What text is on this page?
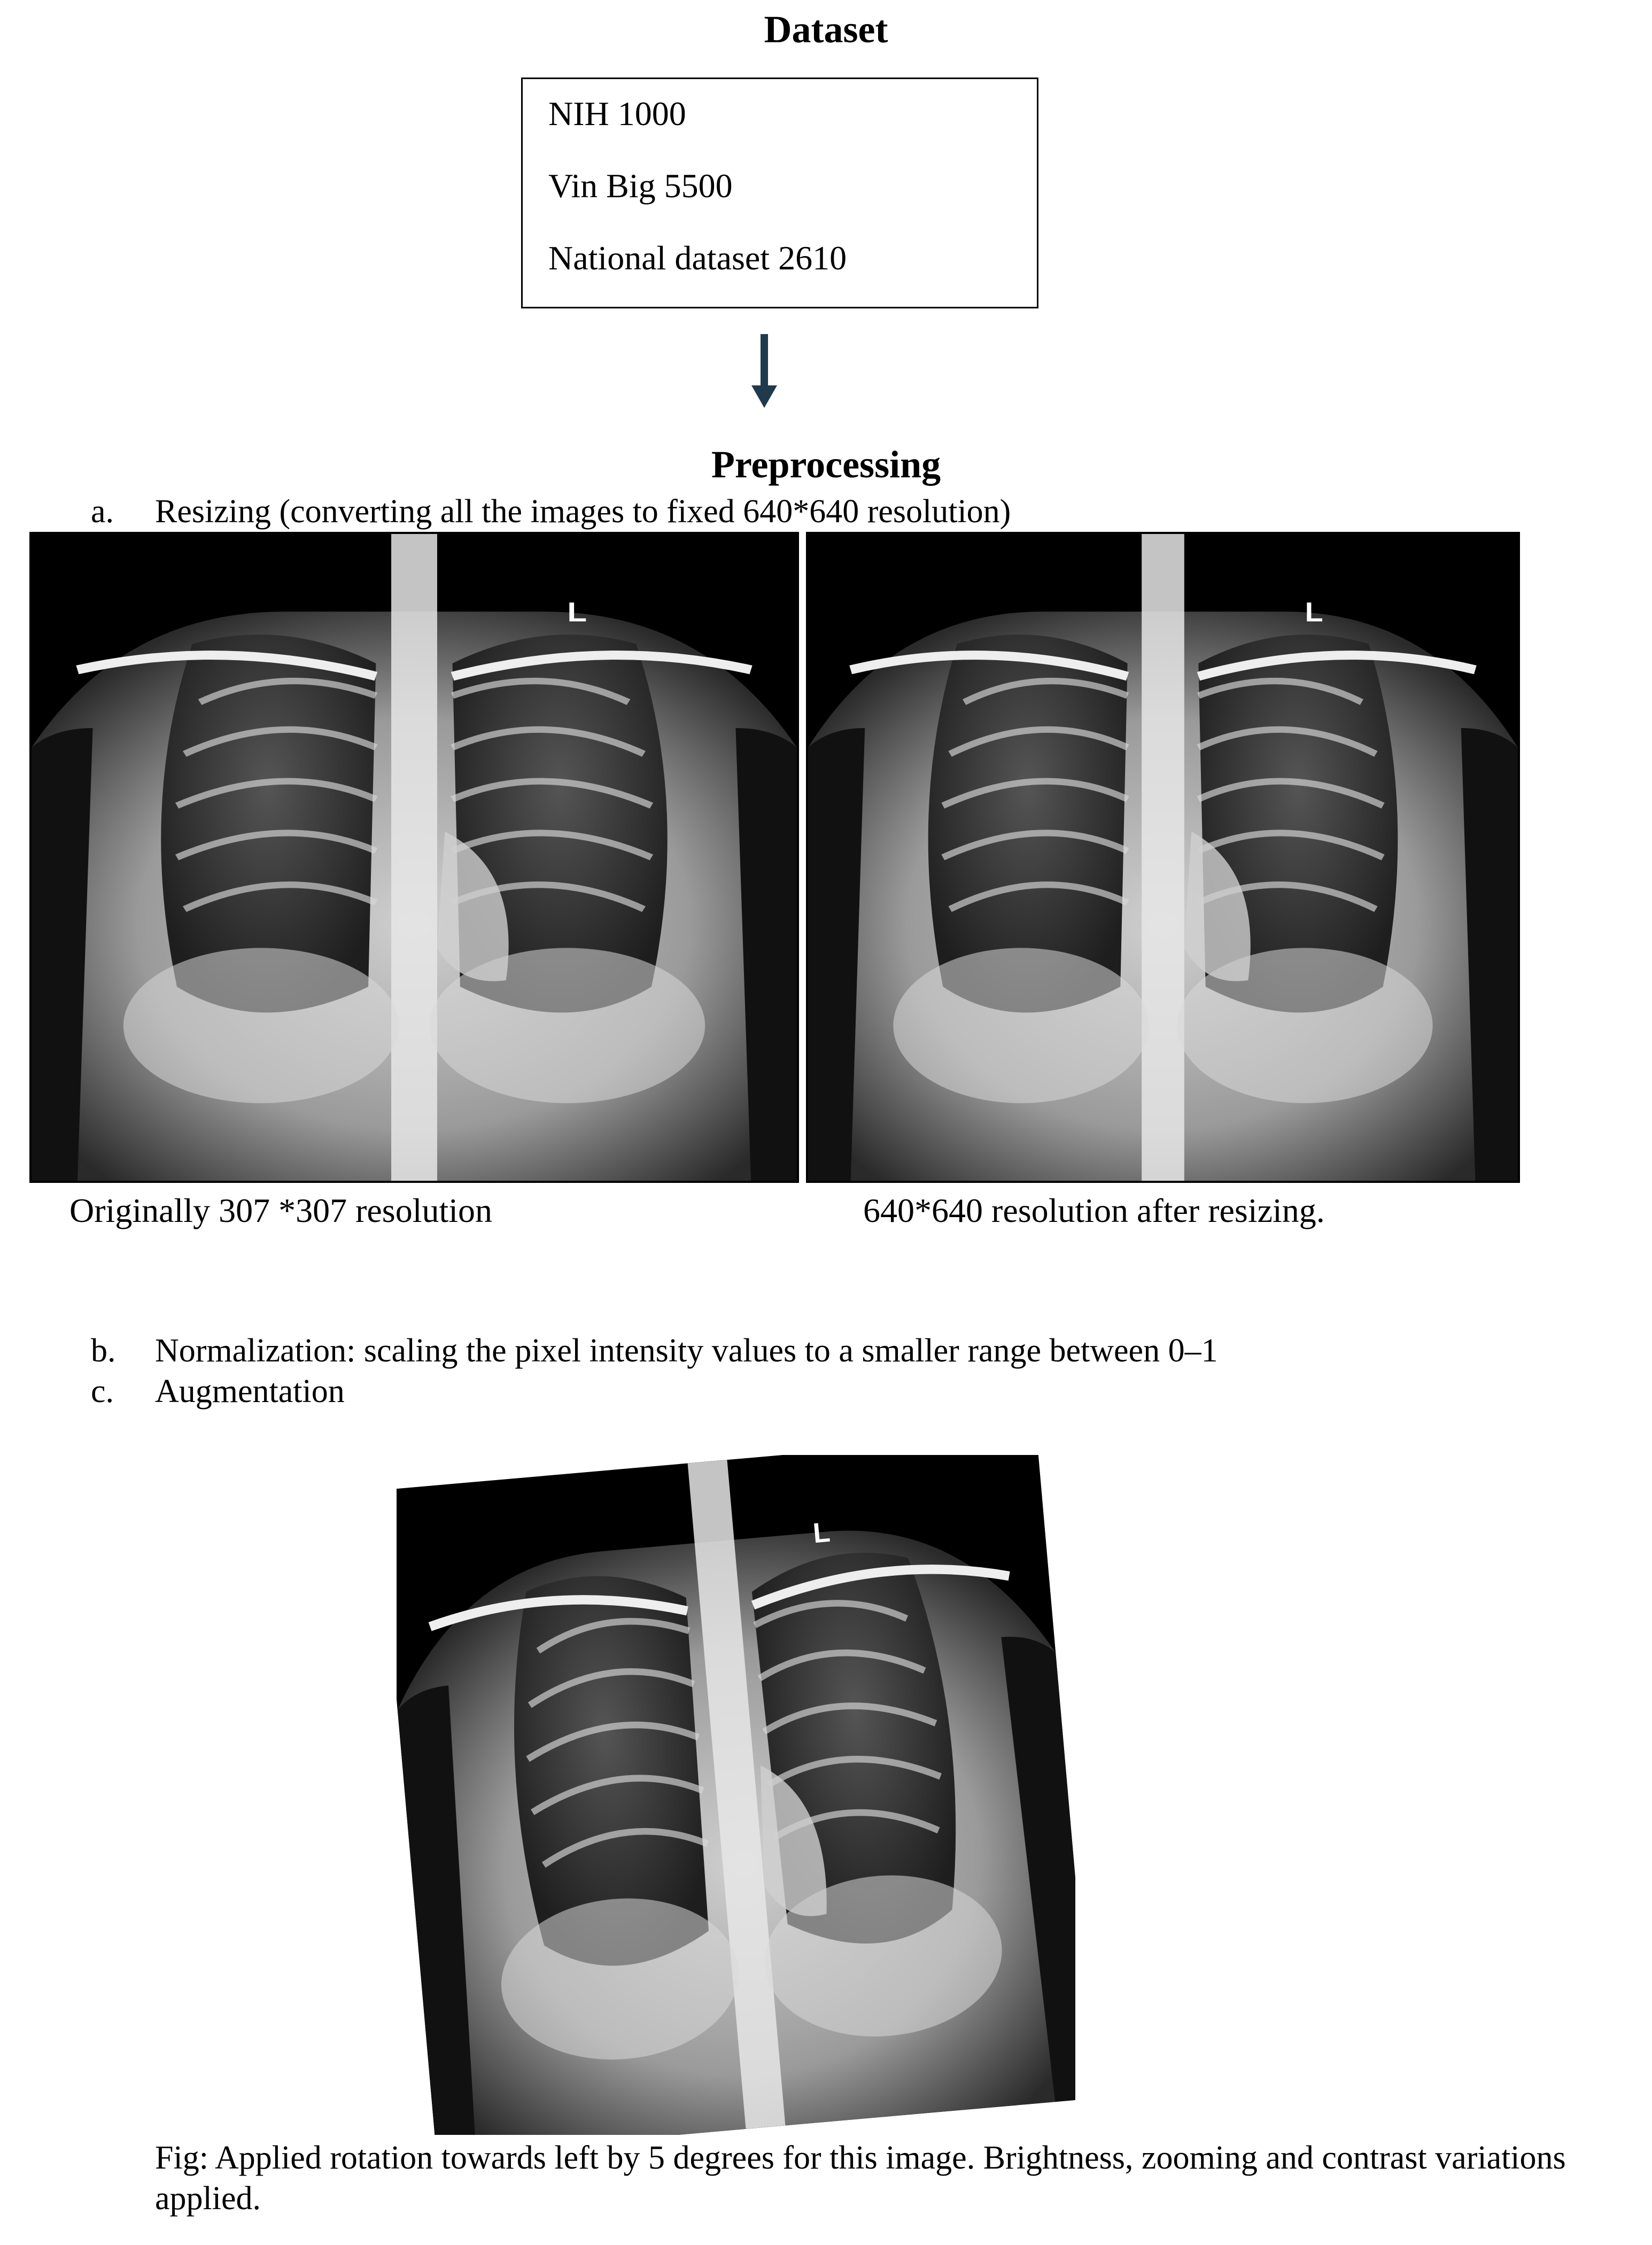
Dataset
NIH 1000
Vin Big 5500
National dataset 2610
Preprocessing
a. Resizing (converting all the images to fixed 640*640 resolution)
L	L
Originally 307 *307 resolution	640*640 resolution after resizing.
b. Normalization: scaling the pixel intensity values to a smaller range between 0–1
c. Augmentation
L
Fig: Applied rotation towards left by 5 degrees for this image. Brightness, zooming and contrast variations
applied.
